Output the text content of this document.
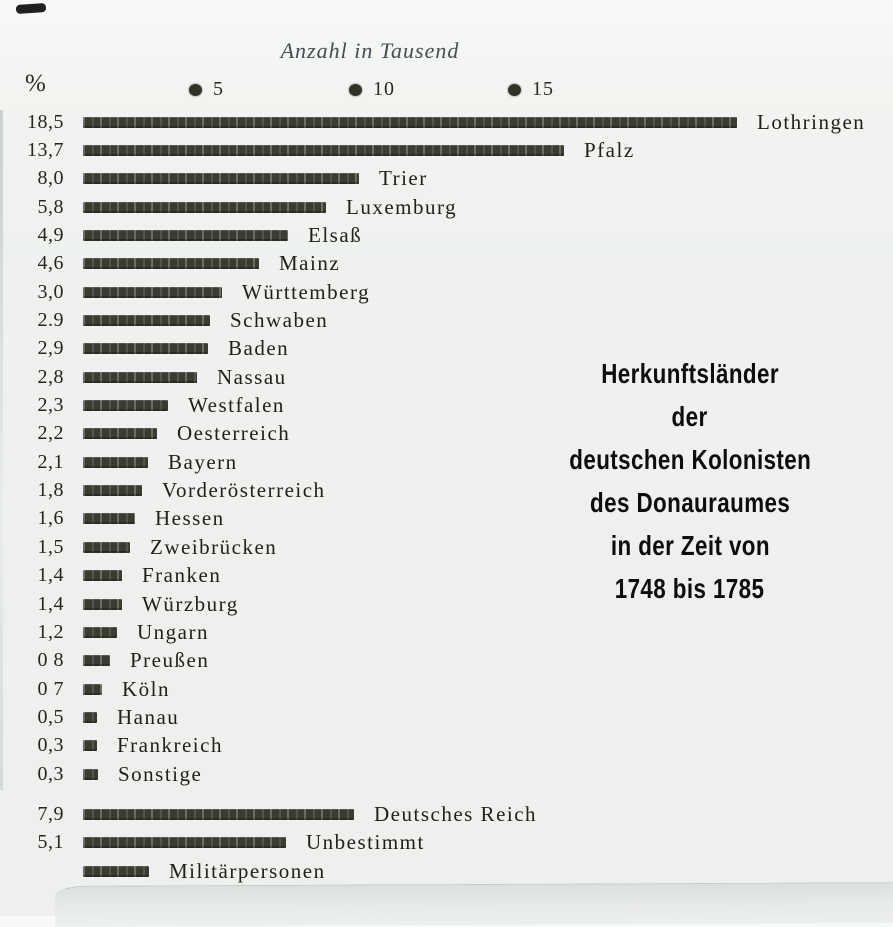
Anzahl in Tausend
%	5	10	15
18,5	Lothringen
13,7	Pfalz
8,0	Trier
5,8	Luxemburg
4,9	Elsaß
4,6	Mainz
3,0	Württemberg
2.9	Schwaben
2,9	Baden
2,8	Nassau
2,3	Westfalen
2,2	Oesterreich
2,1	Bayern
1,8	Vorderösterreich
1,6	Hessen
1,5	Zweibrücken
1,4	Franken
1,4	Würzburg
1,2	Ungarn
0 8	Preußen
0 7	Köln
0,5	Hanau
0,3	Frankreich
0,3	Sonstige
7,9	Deutsches Reich
5,1	Unbestimmt
Militärpersonen
Herkunftsländer
der
deutschen Kolonisten
des Donauraumes
in der Zeit von
1748 bis 1785
